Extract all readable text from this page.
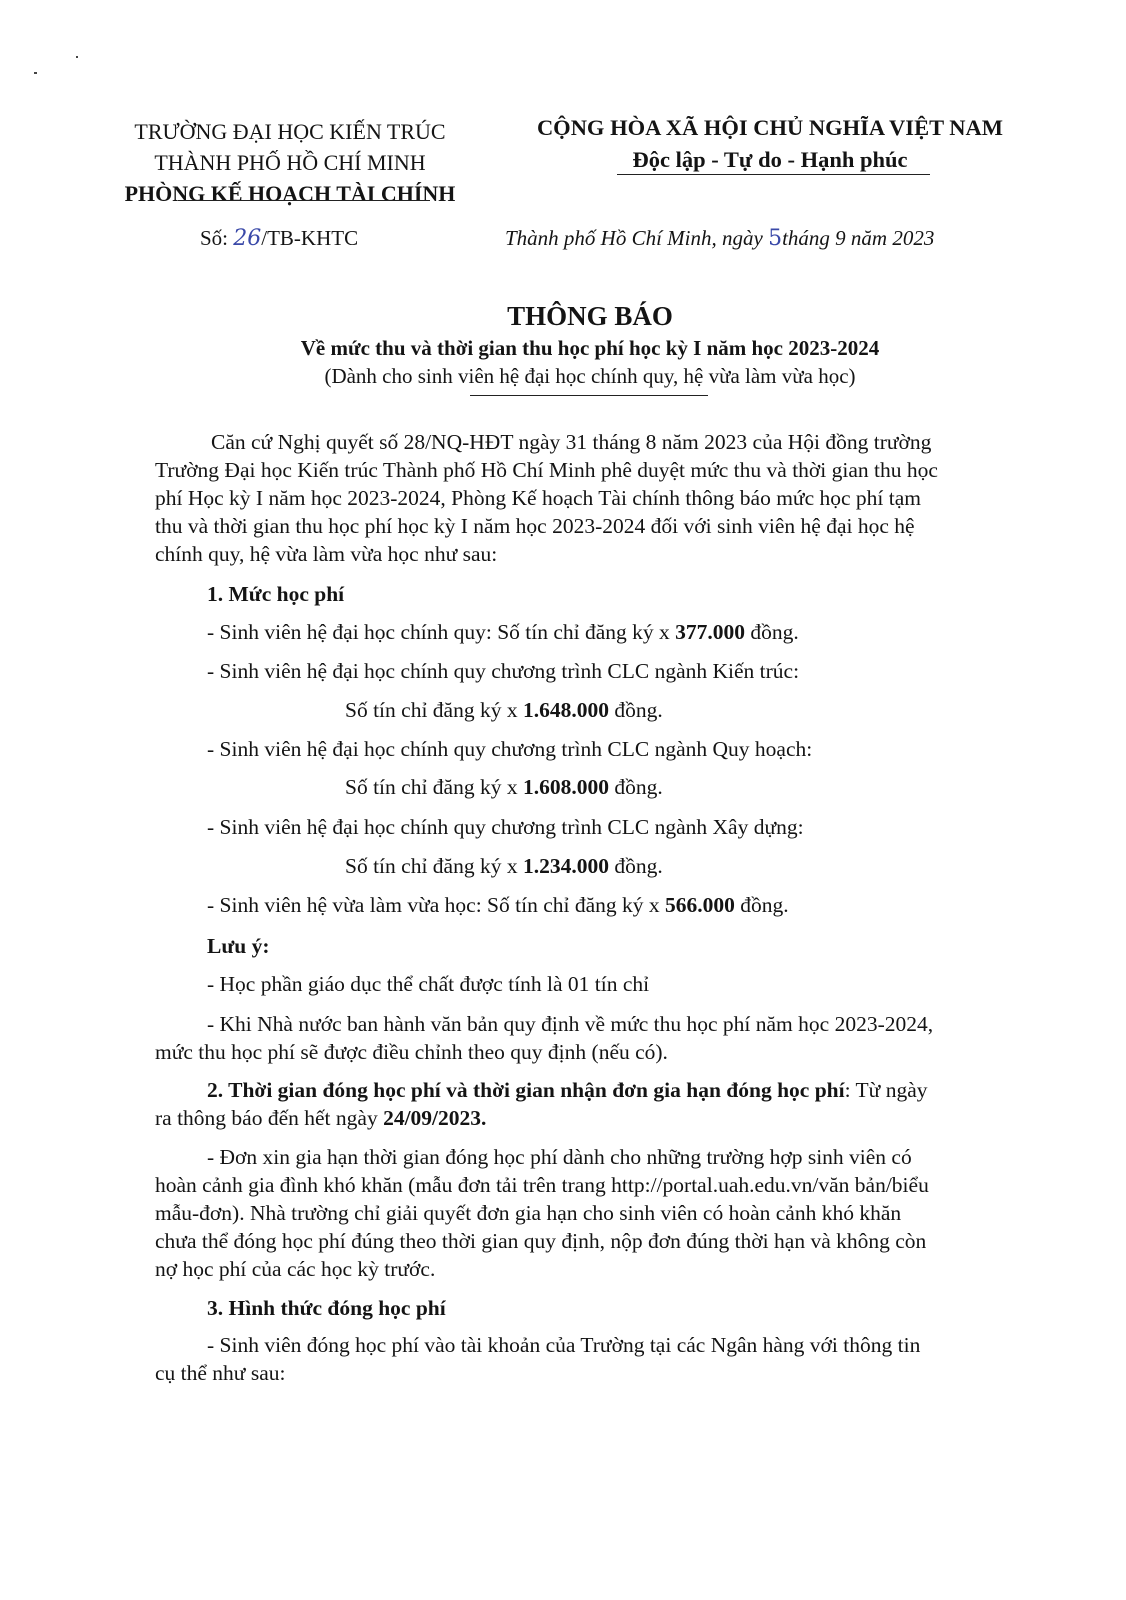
TRƯỜNG ĐẠI HỌC KIẾN TRÚC
THÀNH PHỐ HỒ CHÍ MINH
PHÒNG KẾ HOẠCH TÀI CHÍNH
CỘNG HÒA XÃ HỘI CHỦ NGHĨA VIỆT NAM
Độc lập - Tự do - Hạnh phúc
Số: 26/TB-KHTC	Thành phố Hồ Chí Minh, ngày 5tháng 9 năm 2023
THÔNG BÁO
Về mức thu và thời gian thu học phí học kỳ I năm học 2023-2024
(Dành cho sinh viên hệ đại học chính quy, hệ vừa làm vừa học)
Căn cứ Nghị quyết số 28/NQ-HĐT ngày 31 tháng 8 năm 2023 của Hội đồng trường
Trường Đại học Kiến trúc Thành phố Hồ Chí Minh phê duyệt mức thu và thời gian thu học
phí Học kỳ I năm học 2023-2024, Phòng Kế hoạch Tài chính thông báo mức học phí tạm
thu và thời gian thu học phí học kỳ I năm học 2023-2024 đối với sinh viên hệ đại học hệ
chính quy, hệ vừa làm vừa học như sau:
1. Mức học phí
- Sinh viên hệ đại học chính quy: Số tín chỉ đăng ký x 377.000 đồng.
- Sinh viên hệ đại học chính quy chương trình CLC ngành Kiến trúc:
Số tín chỉ đăng ký x 1.648.000 đồng.
- Sinh viên hệ đại học chính quy chương trình CLC ngành Quy hoạch:
Số tín chỉ đăng ký x 1.608.000 đồng.
- Sinh viên hệ đại học chính quy chương trình CLC ngành Xây dựng:
Số tín chỉ đăng ký x 1.234.000 đồng.
- Sinh viên hệ vừa làm vừa học: Số tín chỉ đăng ký x 566.000 đồng.
Lưu ý:
- Học phần giáo dục thể chất được tính là 01 tín chỉ
- Khi Nhà nước ban hành văn bản quy định về mức thu học phí năm học 2023-2024,
mức thu học phí sẽ được điều chỉnh theo quy định (nếu có).
2. Thời gian đóng học phí và thời gian nhận đơn gia hạn đóng học phí: Từ ngày
ra thông báo đến hết ngày 24/09/2023.
- Đơn xin gia hạn thời gian đóng học phí dành cho những trường hợp sinh viên có
hoàn cảnh gia đình khó khăn (mẫu đơn tải trên trang http://portal.uah.edu.vn/văn bản/biểu
mẫu-đơn). Nhà trường chỉ giải quyết đơn gia hạn cho sinh viên có hoàn cảnh khó khăn
chưa thể đóng học phí đúng theo thời gian quy định, nộp đơn đúng thời hạn và không còn
nợ học phí của các học kỳ trước.
3. Hình thức đóng học phí
- Sinh viên đóng học phí vào tài khoản của Trường tại các Ngân hàng với thông tin
cụ thể như sau:
